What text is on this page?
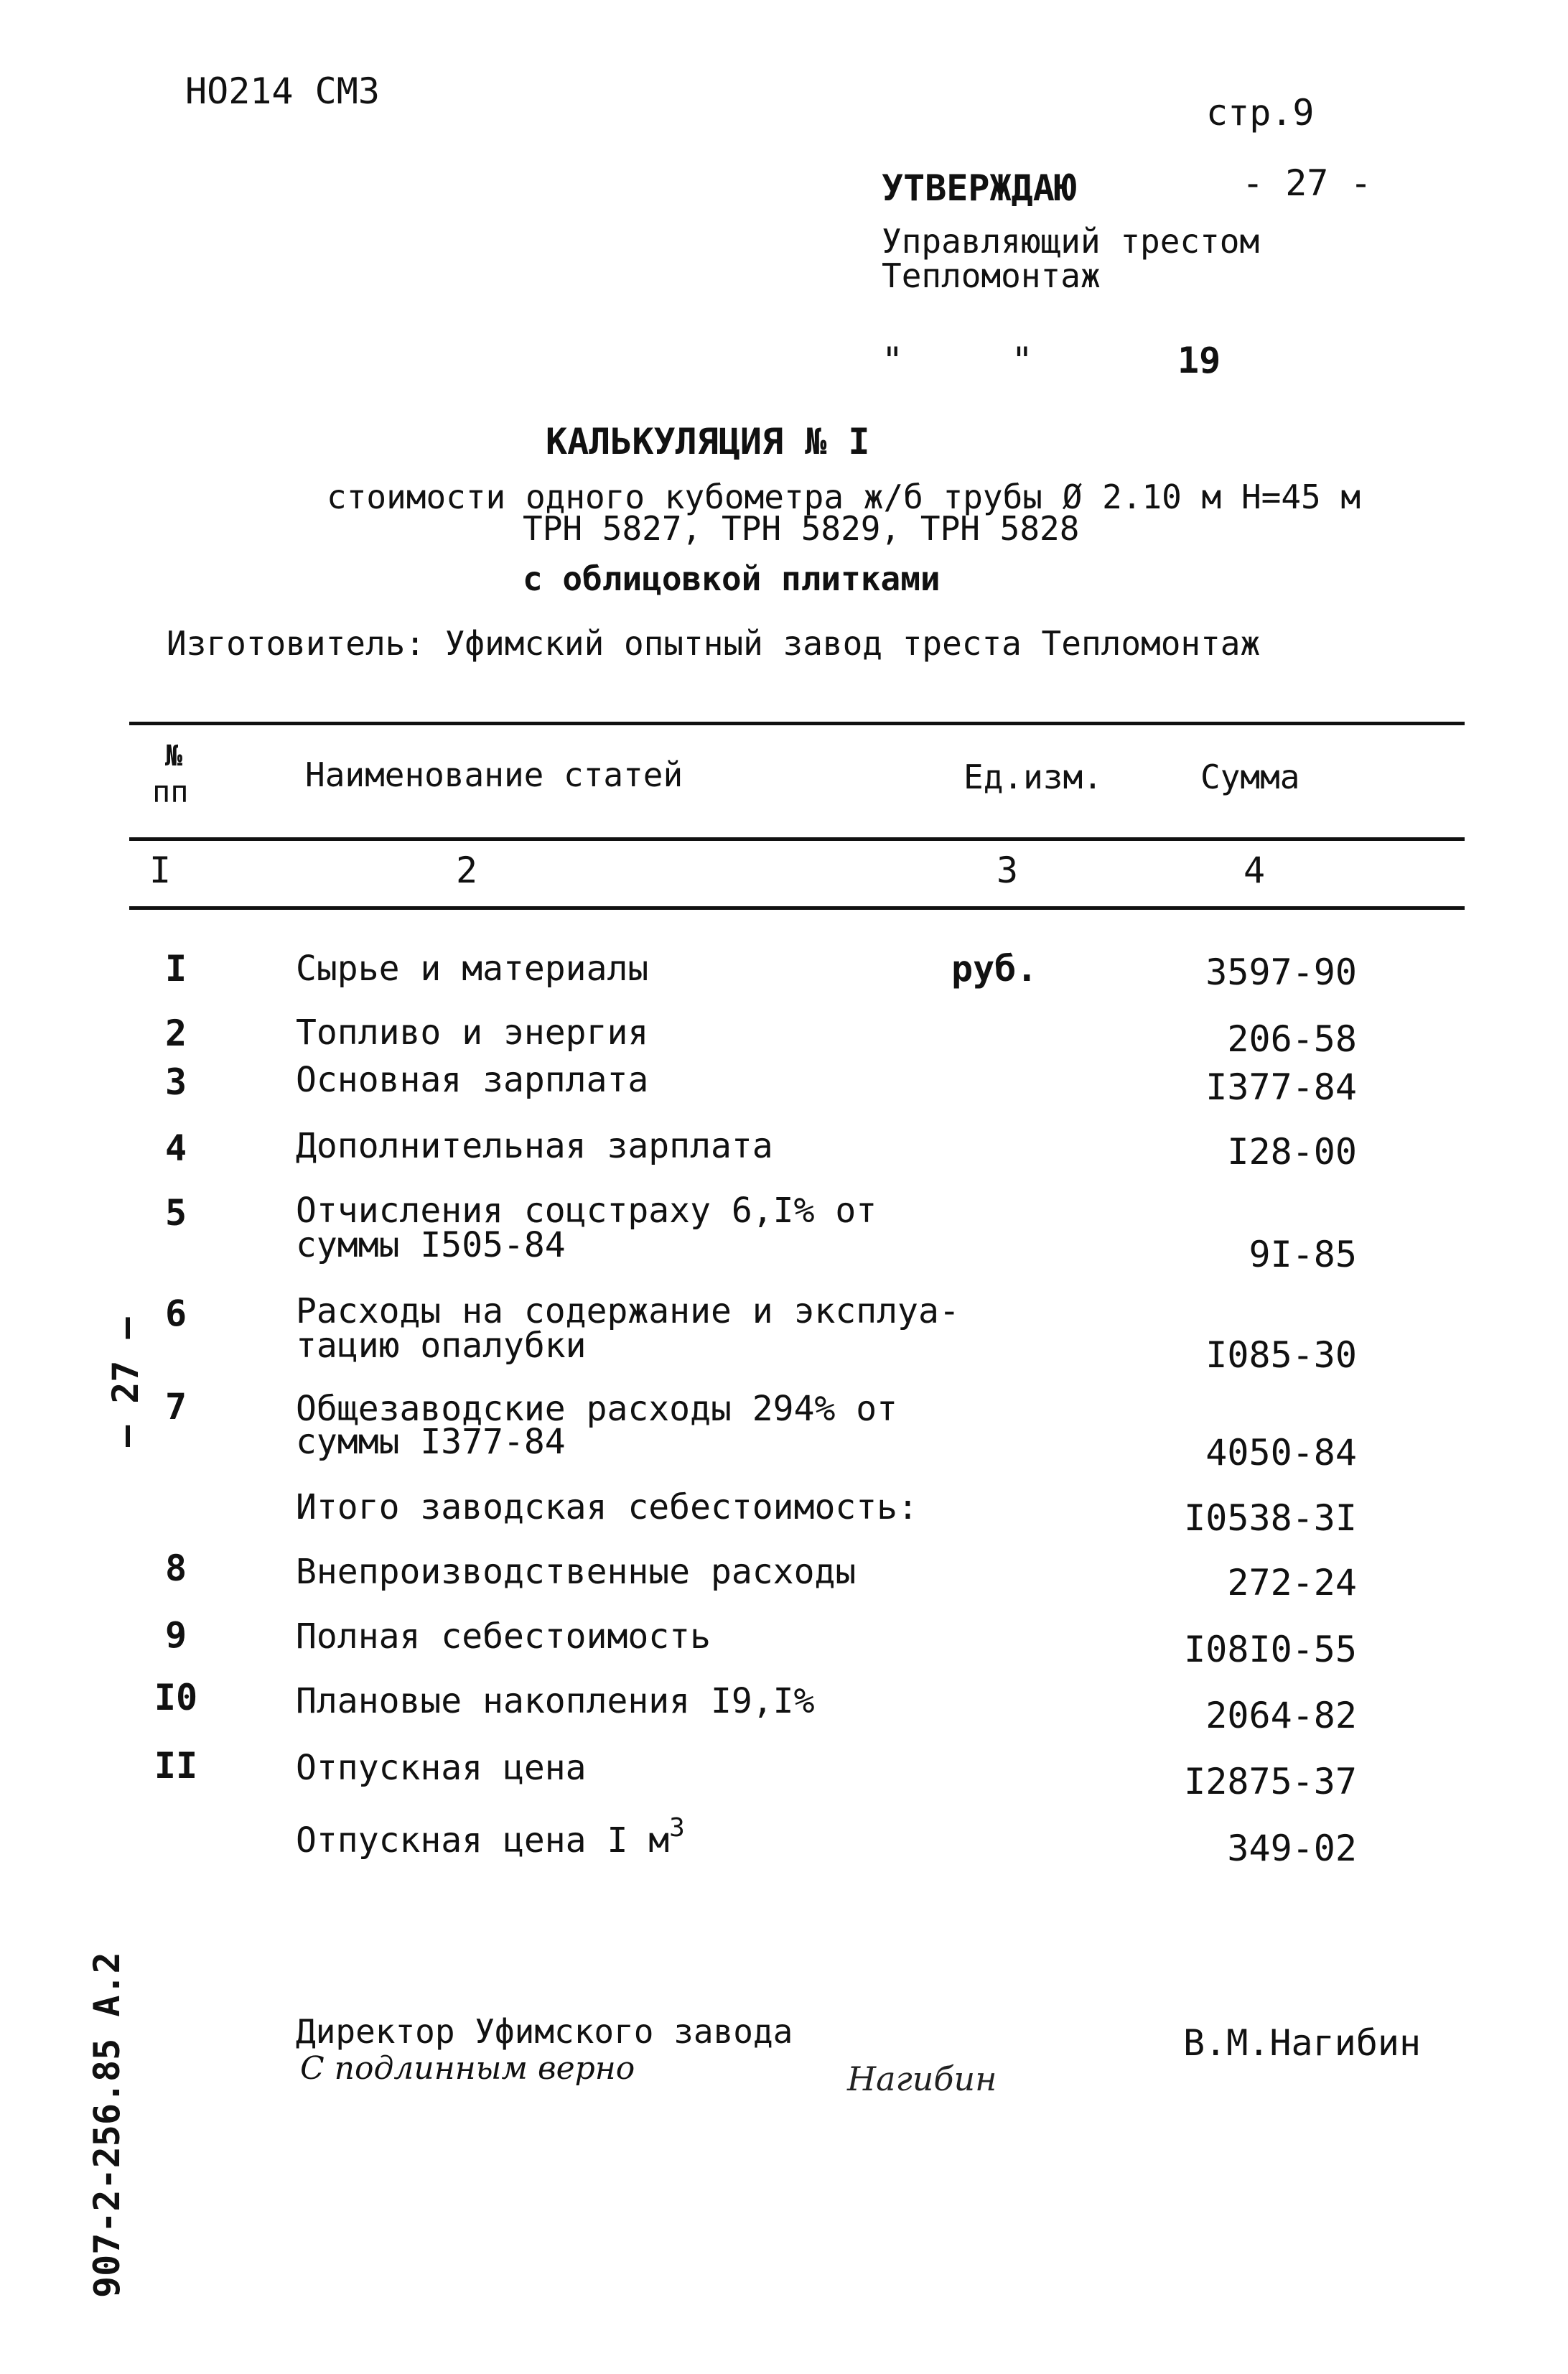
НО214 СМЗ
стр.9
УТВЕРЖДАЮ	- 27 -
Управляющий трестом
Тепломонтаж
"     "	19
КАЛЬКУЛЯЦИЯ № I
стоимости одного кубометра ж/б трубы Ø 2.10 м Н=45 м
ТРН 5827, ТРН 5829, ТРН 5828
с облицовкой плитками
Изготовитель: Уфимский опытный завод треста Тепломонтаж
№
пп	Наименование статей	Ед.изм.	Сумма
I	2	3	4
руб.
I	Сырье и материалы	3597-90
2	Топливо и энергия	206-58
3	Основная зарплата	I377-84
4	Дополнительная зарплата	I28-00
5	Отчисления соцстраху 6,I% от
суммы I505-84	9I-85
6	Расходы на содержание и эксплуа-
тацию опалубки	I085-30
7	Общезаводские расходы 294% от
суммы I377-84	4050-84
Итого заводская себестоимость:	I0538-3I
8	Внепроизводственные расходы	272-24
9	Полная себестоимость	I08I0-55
I0	Плановые накопления I9,I%	2064-82
II	Отпускная цена	I2875-37
Отпускная цена I $м^3$	349-02
Директор Уфимского завода
С подлинным верно	Нагибин
В.М.Нагибин
— 27 —
907-2-256.85 А.2
